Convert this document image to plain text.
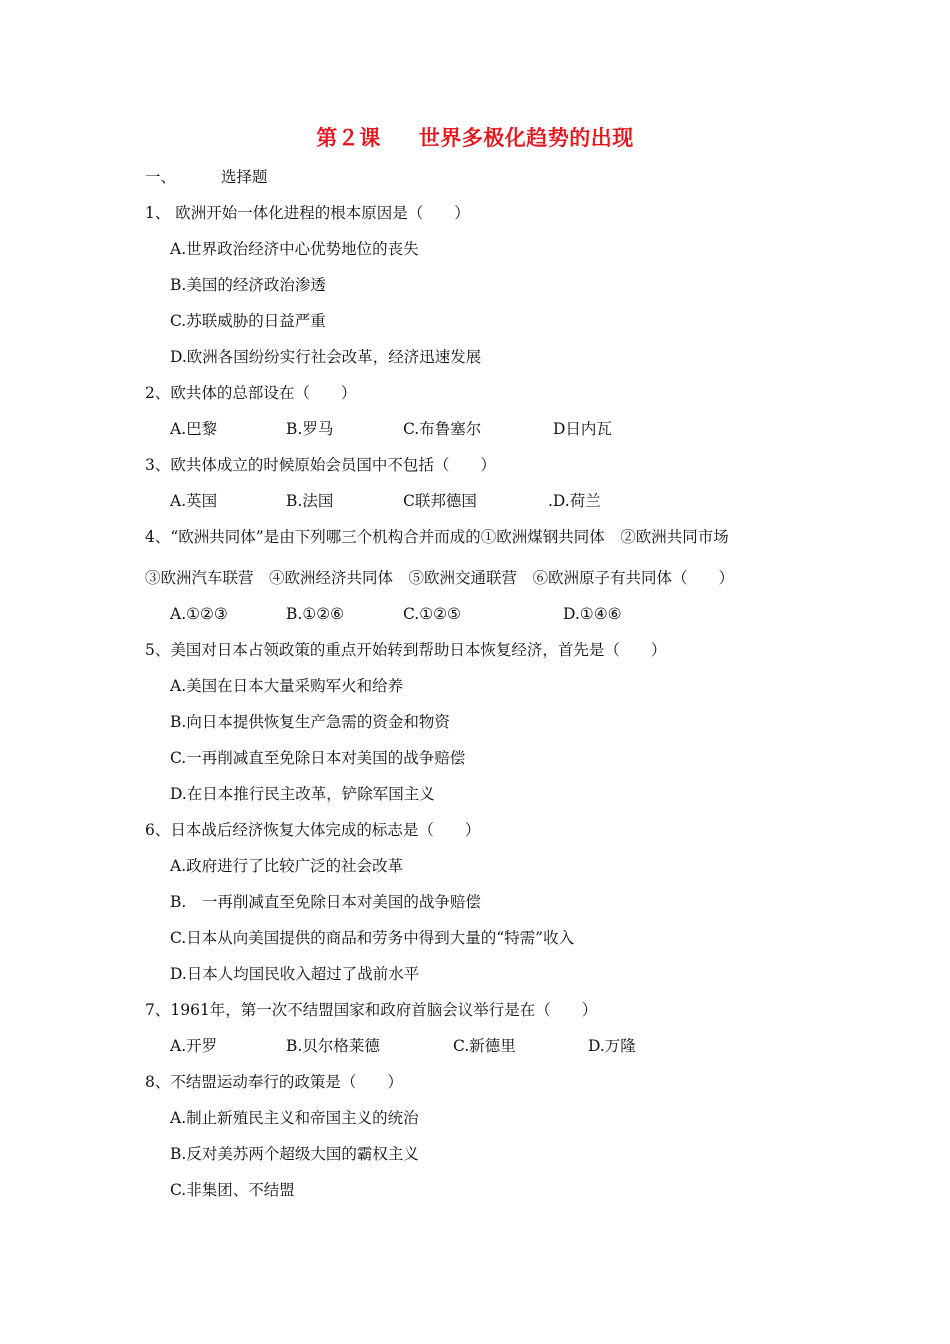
第２课 世界多极化趋势的出现
一、	选择题
1、 欧洲开始一体化进程的根本原因是（　　）
A.世界政治经济中心优势地位的丧失
B.美国的经济政治渗透
C.苏联威胁的日益严重
D.欧洲各国纷纷实行社会改革，经济迅速发展
2、欧共体的总部设在（　　）
A.巴黎	B.罗马	C.布鲁塞尔	D日内瓦
3、欧共体成立的时候原始会员国中不包括（　　）
A.英国	B.法国	C联邦德国	.D.荷兰
4、“欧洲共同体”是由下列哪三个机构合并而成的①欧洲煤钢共同体　②欧洲共同市场
③欧洲汽车联营　④欧洲经济共同体　⑤欧洲交通联营　⑥欧洲原子有共同体（　　）
A.①②③	B.①②⑥	C.①②⑤	D.①④⑥
5、美国对日本占领政策的重点开始转到帮助日本恢复经济，首先是（　　）
A.美国在日本大量采购军火和给养
B.向日本提供恢复生产急需的资金和物资
C.一再削减直至免除日本对美国的战争赔偿
D.在日本推行民主改革，铲除军国主义
6、日本战后经济恢复大体完成的标志是（　　）
A.政府进行了比较广泛的社会改革
B.　一再削减直至免除日本对美国的战争赔偿
C.日本从向美国提供的商品和劳务中得到大量的“特需”收入
D.日本人均国民收入超过了战前水平
7、1961年，第一次不结盟国家和政府首脑会议举行是在（　　）
A.开罗	B.贝尔格莱德	C.新德里	D.万隆
8、不结盟运动奉行的政策是（　　）
A.制止新殖民主义和帝国主义的统治
B.反对美苏两个超级大国的霸权主义
C.非集团、不结盟
